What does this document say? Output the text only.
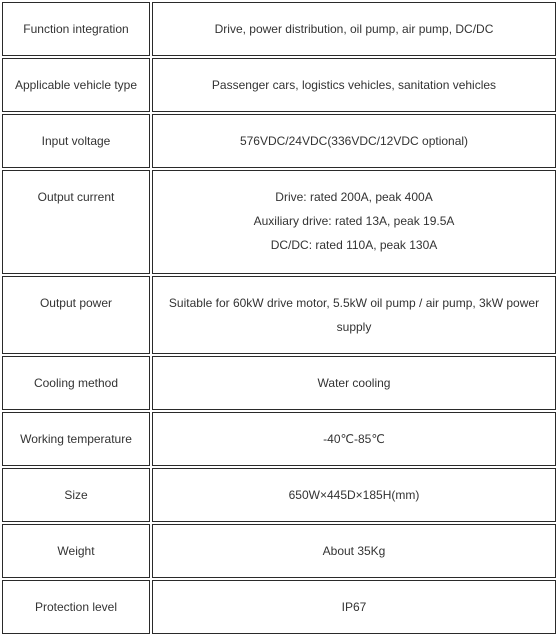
Function integration	Drive, power distribution, oil pump, air pump, DC/DC

Applicable vehicle type	Passenger cars, logistics vehicles, sanitation vehicles

Input voltage	576VDC/24VDC(336VDC/12VDC optional)

Output current	Drive: rated 200A, peak 400A
Auxiliary drive: rated 13A, peak 19.5A
DC/DC: rated 110A, peak 130A

Output power	Suitable for 60kW drive motor, 5.5kW oil pump / air pump, 3kW power supply

Cooling method	Water cooling

Working temperature	-40℃-85℃

Size	650W×445D×185H(mm)

Weight	About 35Kg

Protection level	IP67
